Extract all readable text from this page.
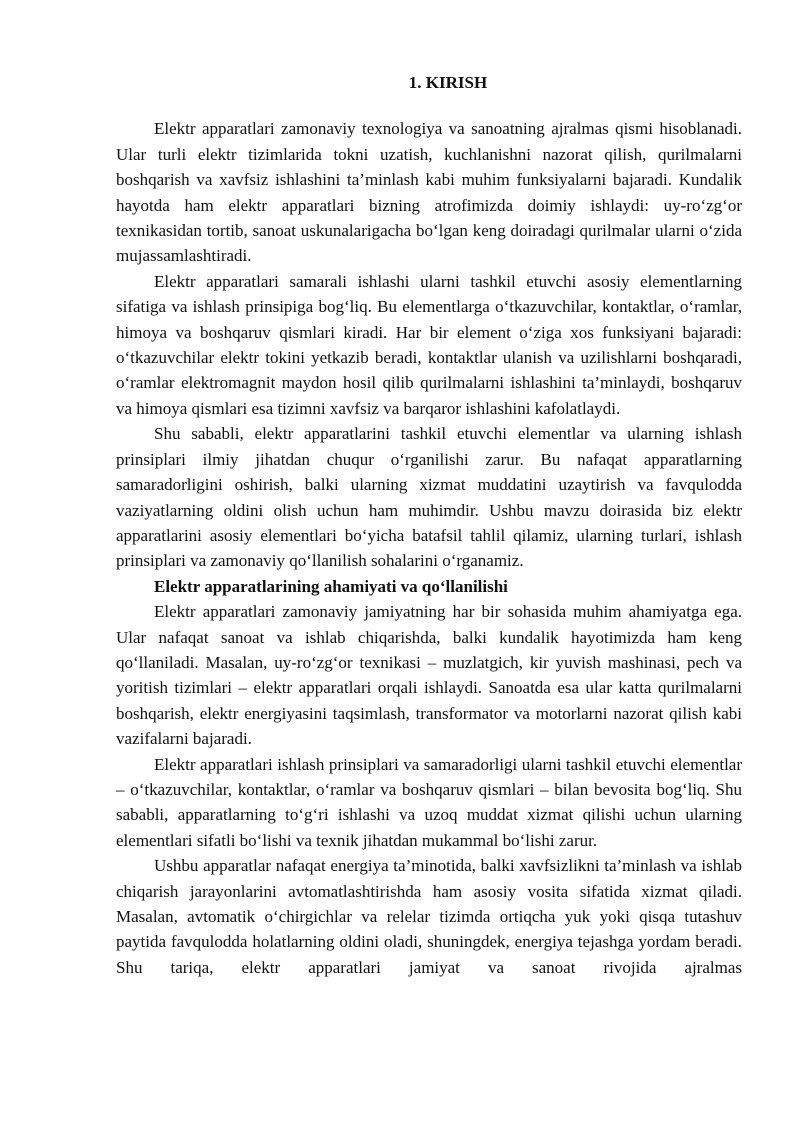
1. KIRISH

Elektr apparatlari zamonaviy texnologiya va sanoatning ajralmas qismi hisoblanadi. Ular turli elektr tizimlarida tokni uzatish, kuchlanishni nazorat qilish, qurilmalarni boshqarish va xavfsiz ishlashini ta’minlash kabi muhim funksiyalarni bajaradi. Kundalik hayotda ham elektr apparatlari bizning atrofimizda doimiy ishlaydi: uy-ro‘zg‘or texnikasidan tortib, sanoat uskunalarigacha bo‘lgan keng doiradagi qurilmalar ularni o‘zida mujassamlashtiradi.

Elektr apparatlari samarali ishlashi ularni tashkil etuvchi asosiy elementlarning sifatiga va ishlash prinsipiga bog‘liq. Bu elementlarga o‘tkazuvchilar, kontaktlar, o‘ramlar, himoya va boshqaruv qismlari kiradi. Har bir element o‘ziga xos funksiyani bajaradi: o‘tkazuvchilar elektr tokini yetkazib beradi, kontaktlar ulanish va uzilishlarni boshqaradi, o‘ramlar elektromagnit maydon hosil qilib qurilmalarni ishlashini ta’minlaydi, boshqaruv va himoya qismlari esa tizimni xavfsiz va barqaror ishlashini kafolatlaydi.

Shu sababli, elektr apparatlarini tashkil etuvchi elementlar va ularning ishlash prinsiplari ilmiy jihatdan chuqur o‘rganilishi zarur. Bu nafaqat apparatlarning samaradorligini oshirish, balki ularning xizmat muddatini uzaytirish va favqulodda vaziyatlarning oldini olish uchun ham muhimdir. Ushbu mavzu doirasida biz elektr apparatlarini asosiy elementlari bo‘yicha batafsil tahlil qilamiz, ularning turlari, ishlash prinsiplari va zamonaviy qo‘llanilish sohalarini o‘rganamiz.

Elektr apparatlarining ahamiyati va qo‘llanilishi

Elektr apparatlari zamonaviy jamiyatning har bir sohasida muhim ahamiyatga ega. Ular nafaqat sanoat va ishlab chiqarishda, balki kundalik hayotimizda ham keng qo‘llaniladi. Masalan, uy-ro‘zg‘or texnikasi – muzlatgich, kir yuvish mashinasi, pech va yoritish tizimlari – elektr apparatlari orqali ishlaydi. Sanoatda esa ular katta qurilmalarni boshqarish, elektr energiyasini taqsimlash, transformator va motorlarni nazorat qilish kabi vazifalarni bajaradi.

Elektr apparatlari ishlash prinsiplari va samaradorligi ularni tashkil etuvchi elementlar – o‘tkazuvchilar, kontaktlar, o‘ramlar va boshqaruv qismlari – bilan bevosita bog‘liq. Shu sababli, apparatlarning to‘g‘ri ishlashi va uzoq muddat xizmat qilishi uchun ularning elementlari sifatli bo‘lishi va texnik jihatdan mukammal bo‘lishi zarur.

Ushbu apparatlar nafaqat energiya ta’minotida, balki xavfsizlikni ta’minlash va ishlab chiqarish jarayonlarini avtomatlashtirishda ham asosiy vosita sifatida xizmat qiladi. Masalan, avtomatik o‘chirgichlar va relelar tizimda ortiqcha yuk yoki qisqa tutashuv paytida favqulodda holatlarning oldini oladi, shuningdek, energiya tejashga yordam beradi. Shu tariqa, elektr apparatlari jamiyat va sanoat rivojida ajralmas
